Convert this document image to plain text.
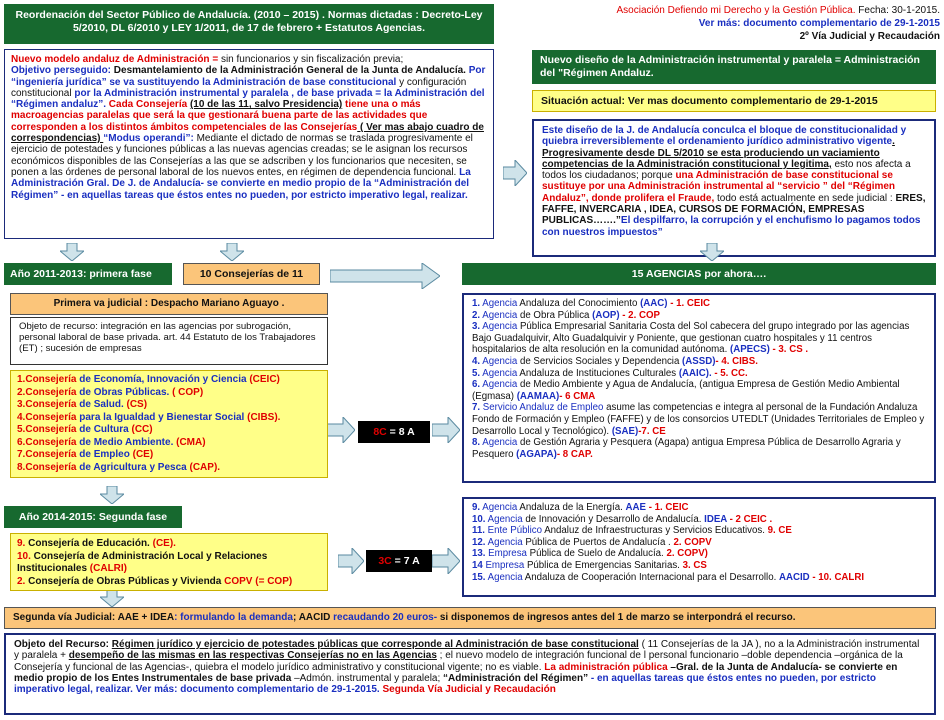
Asociación Defiendo mi Derecho y la Gestión Pública. Fecha: 30-1-2015.
Ver más: documento complementario de 29-1-2015
2º Vía Judicial y Recaudación
Reordenación del Sector Público de Andalucía. (2010 – 2015) . Normas dictadas : Decreto-Ley 5/2010, DL 6/2010 y LEY 1/2011, de 17 de febrero + Estatutos Agencias.
Nuevo modelo andaluz de Administración = sin funcionarios y sin fiscalización previa;
Objetivo perseguido: Desmantelamiento de la Administración General de la Junta de Andalucía. Por “ingeniería jurídica” se va sustituyendo la Administración de base constitucional y configuración constitucional por la Administración instrumental y paralela , de base privada = la Administración del “Régimen andaluz”. Cada Consejería (10 de las 11, salvo Presidencia) tiene una o más macroagencias paralelas que será la que gestionará buena parte de las actividades que corresponden a los distintos ámbitos competenciales de las Consejerías ( Ver mas abajo cuadro de correspondencias) “Modus operandi”: Mediante el dictado de normas se traslada progresivamente el ejercicio de potestades y funciones públicas a las nuevas agencias creadas; se le asignan los recursos económicos disponibles de las Consejerías a las que se adscriben y los funcionarios que necesiten, se ponen a las órdenes de personal laboral de los nuevos entes, en régimen de dependencia funcional. La Administración Gral. De J. de Andalucía- se convierte en medio propio de la “Administración del Régimen” - en aquellas tareas que éstos entes no pueden, por estricto imperativo legal, realizar.
Nuevo diseño de la Administración instrumental y paralela = Administración del "Régimen Andaluz.
Situación actual: Ver mas documento complementario de 29-1-2015
Este diseño de la J. de Andalucía conculca el bloque de constitucionalidad y quiebra irreversiblemente el ordenamiento jurídico administrativo vigente. Progresivamente desde DL 5/2010 se esta produciendo un vaciamiento competencias de la Administración constitucional y legitima, esto nos afecta a todos los ciudadanos; porque una Administración de base constitucional se sustituye por una Administración instrumental al “servicio ” del “Régimen Andaluz”, donde prolifera el Fraude, todo está actualmente en sede judicial : ERES, FAFFE, INVERCARIA , IDEA, CURSOS DE FORMACIÓN, EMPRESAS PUBLICAS…….”El despilfarro, la corrupción y el enchufismo lo pagamos todos con nuestros impuestos”
Año 2011-2013: primera fase	10 Consejerías de 11	15 AGENCIAS por ahora….
Primera va judicial : Despacho Mariano Aguayo .
Objeto de recurso: integración en las agencias por subrogación, personal laboral de base privada. art. 44 Estatuto de los Trabajadores (ET) ; sucesión de empresas
1.Consejería de Economía, Innovación y Ciencia (CEIC)
2.Consejería de Obras Públicas. ( COP)
3.Consejería de Salud. (CS)
4.Consejería para la Igualdad y Bienestar Social (CIBS).
5.Consejería de Cultura (CC)
6.Consejería de Medio Ambiente. (CMA)
7.Consejería de Empleo (CE)
8.Consejería de Agricultura y Pesca (CAP).
8C = 8 A
1. Agencia Andaluza del Conocimiento (AAC) - 1. CEIC
2. Agencia de Obra Pública (AOP) - 2. COP
3. Agencia Pública Empresarial Sanitaria Costa del Sol cabecera del grupo integrado por las agencias Bajo Guadalquivir, Alto Guadalquivir y Poniente, que gestionan cuatro hospitales y 11 centros hospitalarios de alta resolución en la comunidad autónoma. (APECS) - 3. CS .
4. Agencia de Servicios Sociales y Dependencia (ASSD)- 4. CIBS.
5. Agencia Andaluza de Instituciones Culturales (AAIC). - 5. CC.
6. Agencia de Medio Ambiente y Agua de Andalucía, (antigua Empresa de Gestión Medio Ambiental (Egmasa) (AAMAA)- 6 CMA
7. Servicio Andaluz de Empleo asume las competencias e integra al personal de la Fundación Andaluza Fondo de Formación y Empleo (FAFFE) y de los consorcios UTEDLT (Unidades Territoriales de Empleo y Desarrollo Local y Tecnológico). (SAE)-7. CE
8. Agencia de Gestión Agraria y Pesquera (Agapa) antigua Empresa Pública de Desarrollo Agraria y Pesquero (AGAPA)- 8 CAP.
Año 2014-2015: Segunda fase
9. Consejería de Educación. (CE).
10. Consejería de Administración Local y Relaciones Institucionales (CALRI)
2. Consejería de Obras Públicas y Vivienda COPV (= COP)
3C = 7 A
9. Agencia Andaluza de la Energía. AAE - 1. CEIC
10. Agencia de Innovación y Desarrollo de Andalucía. IDEA - 2 CEIC .
11. Ente Público Andaluz de Infraestructuras y Servicios Educativos. 9. CE
12. Agencia Pública de Puertos de Andalucía . 2. COPV
13. Empresa Pública de Suelo de Andalucía. 2. COPV)
14 Empresa Pública de Emergencias Sanitarias. 3. CS
15. Agencia Andaluza de Cooperación Internacional para el Desarrollo. AACID - 10. CALRI
Segunda vía Judicial: AAE + IDEA: formulando la demanda; AACID recaudando 20 euros- si disponemos de ingresos antes del 1 de marzo se interpondrá el recurso.
Objeto del Recurso: Régimen jurídico y ejercicio de potestades públicas que corresponde al Administración de base constitucional ( 11 Consejerías de la JA ), no a la Administración instrumental y paralela + desempeño de las mismas en las respectivas Consejerías no en las Agencias ; el nuevo modelo de integración funcional de l personal funcionario –doble dependencia –orgánica de la Consejería y funcional de las Agencias-, quiebra el modelo jurídico administrativo y constitucional vigente; no es viable. La administración pública –Gral. de la Junta de Andalucía- se convierte en medio propio de los Entes Instrumentales de base privada –Admón. instrumental y paralela; “Administración del Régimen” - en aquellas tareas que éstos entes no pueden, por estricto imperativo legal, realizar. Ver más: documento complementario de 29-1-2015. Segunda Vía Judicial y Recaudación
